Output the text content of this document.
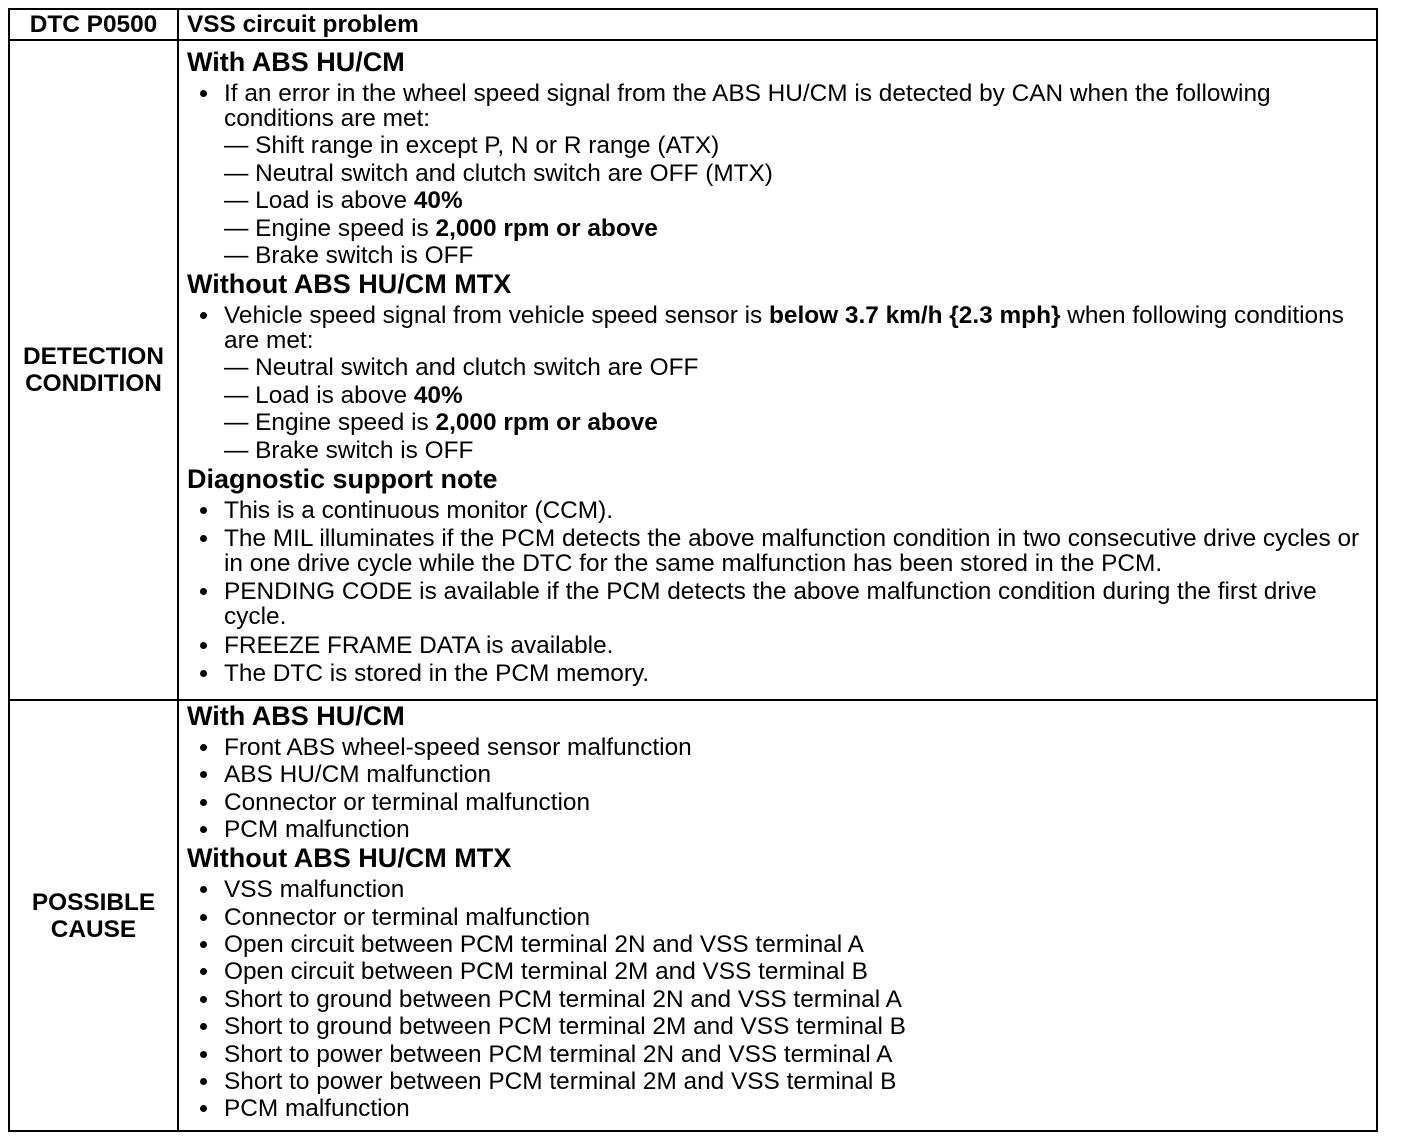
DTC P0500	VSS circuit problem
DETECTION CONDITION
With ABS HU/CM
If an error in the wheel speed signal from the ABS HU/CM is detected by CAN when the following
conditions are met:
— Shift range in except P, N or R range (ATX)
— Neutral switch and clutch switch are OFF (MTX)
— Load is above 40%
— Engine speed is 2,000 rpm or above
— Brake switch is OFF
Without ABS HU/CM MTX
Vehicle speed signal from vehicle speed sensor is below 3.7 km/h {2.3 mph} when following conditions
are met:
— Neutral switch and clutch switch are OFF
— Load is above 40%
— Engine speed is 2,000 rpm or above
— Brake switch is OFF
Diagnostic support note
This is a continuous monitor (CCM).
The MIL illuminates if the PCM detects the above malfunction condition in two consecutive drive cycles or
in one drive cycle while the DTC for the same malfunction has been stored in the PCM.
PENDING CODE is available if the PCM detects the above malfunction condition during the first drive
cycle.
FREEZE FRAME DATA is available.
The DTC is stored in the PCM memory.
POSSIBLE CAUSE
With ABS HU/CM
Front ABS wheel-speed sensor malfunction
ABS HU/CM malfunction
Connector or terminal malfunction
PCM malfunction
Without ABS HU/CM MTX
VSS malfunction
Connector or terminal malfunction
Open circuit between PCM terminal 2N and VSS terminal A
Open circuit between PCM terminal 2M and VSS terminal B
Short to ground between PCM terminal 2N and VSS terminal A
Short to ground between PCM terminal 2M and VSS terminal B
Short to power between PCM terminal 2N and VSS terminal A
Short to power between PCM terminal 2M and VSS terminal B
PCM malfunction
